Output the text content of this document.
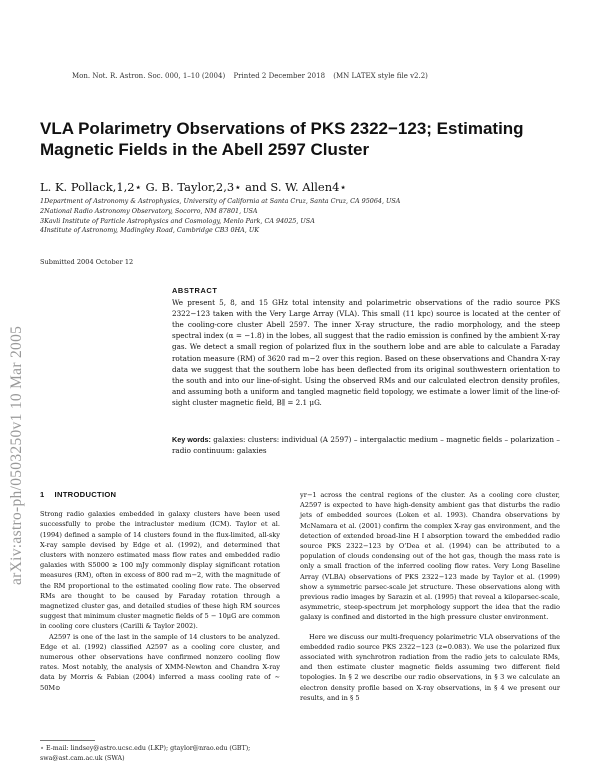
arXiv:astro-ph/0503250v1 10 Mar 2005
Mon. Not. R. Astron. Soc. 000, 1–10 (2004) Printed 2 December 2018 (MN LATEX style file v2.2)
VLA Polarimetry Observations of PKS 2322−123; Estimating Magnetic Fields in the Abell 2597 Cluster
L. K. Pollack,1,2⋆ G. B. Taylor,2,3⋆ and S. W. Allen4⋆
1Department of Astronomy & Astrophysics, University of California at Santa Cruz, Santa Cruz, CA 95064, USA
2National Radio Astronomy Observatory, Socorro, NM 87801, USA
3Kavli Institute of Particle Astrophysics and Cosmology, Menlo Park, CA 94025, USA
4Institute of Astronomy, Madingley Road, Cambridge CB3 0HA, UK
Submitted 2004 October 12
ABSTRACT
We present 5, 8, and 15 GHz total intensity and polarimetric observations of the radio source PKS 2322−123 taken with the Very Large Array (VLA). This small (11 kpc) source is located at the center of the cooling-core cluster Abell 2597. The inner X-ray structure, the radio morphology, and the steep spectral index (α = −1.8) in the lobes, all suggest that the radio emission is confined by the ambient X-ray gas. We detect a small region of polarized flux in the southern lobe and are able to calculate a Faraday rotation measure (RM) of 3620 rad m−2 over this region. Based on these observations and Chandra X-ray data we suggest that the southern lobe has been deflected from its original southwestern orientation to the south and into our line-of-sight. Using the observed RMs and our calculated electron density profiles, and assuming both a uniform and tangled magnetic field topology, we estimate a lower limit of the line-of-sight cluster magnetic field, B∥ = 2.1 μG.
Key words: galaxies: clusters: individual (A 2597) – intergalactic medium – magnetic fields – polarization – radio continuum: galaxies
1 INTRODUCTION

Strong radio galaxies embedded in galaxy clusters have been used successfully to probe the intracluster medium (ICM). Taylor et al. (1994) defined a sample of 14 clusters found in the flux-limited, all-sky X-ray sample devised by Edge et al. (1992), and determined that clusters with nonzero estimated mass flow rates and embedded radio galaxies with S5000 ≥ 100 mJy commonly display significant rotation measures (RM), often in excess of 800 rad m−2, with the magnitude of the RM proportional to the estimated cooling flow rate. The observed RMs are thought to be caused by Faraday rotation through a magnetized cluster gas, and detailed studies of these high RM sources suggest that minimum cluster magnetic fields of 5 − 10μG are common in cooling core clusters (Carilli & Taylor 2002).

A2597 is one of the last in the sample of 14 clusters to be analyzed. Edge et al. (1992) classified A2597 as a cooling core cluster, and numerous other observations have confirmed nonzero cooling flow rates. Most notably, the analysis of XMM-Newton and Chandra X-ray data by Morris & Fabian (2004) inferred a mass cooling rate of ∼ 50M⊙

yr−1 across the central regions of the cluster. As a cooling core cluster, A2597 is expected to have high-density ambient gas that disturbs the radio jets of embedded sources (Loken et al. 1993). Chandra observations by McNamara et al. (2001) confirm the complex X-ray gas environment, and the detection of extended broad-line H I absorption toward the embedded radio source PKS 2322−123 by O’Dea et al. (1994) can be attributed to a population of clouds condensing out of the hot gas, though the mass rate is only a small fraction of the inferred cooling flow rates. Very Long Baseline Array (VLBA) observations of PKS 2322−123 made by Taylor et al. (1999) show a symmetric parsec-scale jet structure. These observations along with previous radio images by Sarazin et al. (1995) that reveal a kiloparsec-scale, asymmetric, steep-spectrum jet morphology support the idea that the radio galaxy is confined and distorted in the high pressure cluster environment.

Here we discuss our multi-frequency polarimetric VLA observations of the embedded radio source PKS 2322−123 (z=0.083). We use the polarized flux associated with synchrotron radiation from the radio jets to calculate RMs, and then estimate cluster magnetic fields assuming two different field topologies. In § 2 we describe our radio observations, in § 3 we calculate an electron density profile based on X-ray observations, in § 4 we present our results, and in § 5

⋆ E-mail: lindsey@astro.ucsc.edu (LKP); gtaylor@nrao.edu (GBT); swa@ast.cam.ac.uk (SWA)
